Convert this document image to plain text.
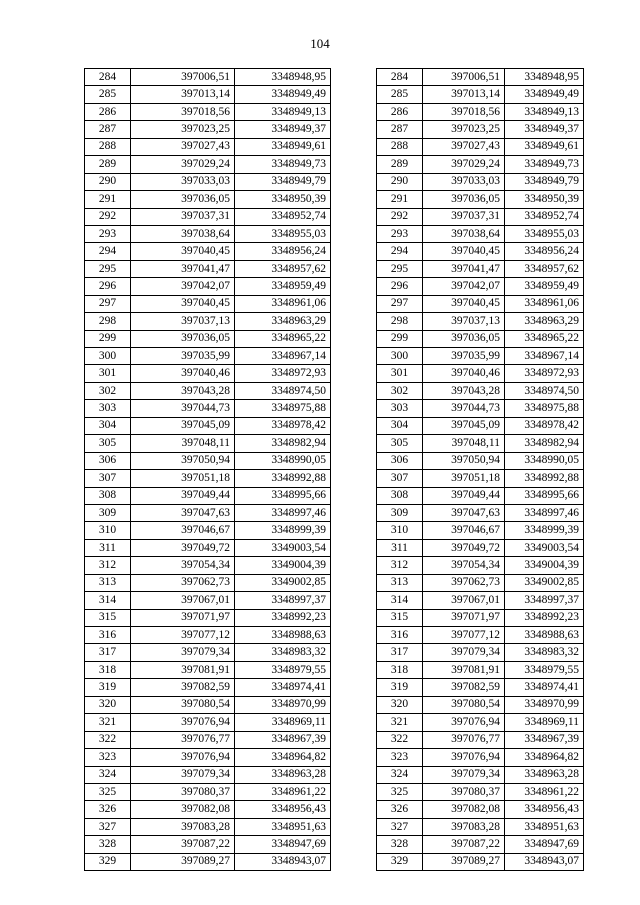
104
284	397006,51	3348948,95
285	397013,14	3348949,49
286	397018,56	3348949,13
287	397023,25	3348949,37
288	397027,43	3348949,61
289	397029,24	3348949,73
290	397033,03	3348949,79
291	397036,05	3348950,39
292	397037,31	3348952,74
293	397038,64	3348955,03
294	397040,45	3348956,24
295	397041,47	3348957,62
296	397042,07	3348959,49
297	397040,45	3348961,06
298	397037,13	3348963,29
299	397036,05	3348965,22
300	397035,99	3348967,14
301	397040,46	3348972,93
302	397043,28	3348974,50
303	397044,73	3348975,88
304	397045,09	3348978,42
305	397048,11	3348982,94
306	397050,94	3348990,05
307	397051,18	3348992,88
308	397049,44	3348995,66
309	397047,63	3348997,46
310	397046,67	3348999,39
311	397049,72	3349003,54
312	397054,34	3349004,39
313	397062,73	3349002,85
314	397067,01	3348997,37
315	397071,97	3348992,23
316	397077,12	3348988,63
317	397079,34	3348983,32
318	397081,91	3348979,55
319	397082,59	3348974,41
320	397080,54	3348970,99
321	397076,94	3348969,11
322	397076,77	3348967,39
323	397076,94	3348964,82
324	397079,34	3348963,28
325	397080,37	3348961,22
326	397082,08	3348956,43
327	397083,28	3348951,63
328	397087,22	3348947,69
329	397089,27	3348943,07
284	397006,51	3348948,95
285	397013,14	3348949,49
286	397018,56	3348949,13
287	397023,25	3348949,37
288	397027,43	3348949,61
289	397029,24	3348949,73
290	397033,03	3348949,79
291	397036,05	3348950,39
292	397037,31	3348952,74
293	397038,64	3348955,03
294	397040,45	3348956,24
295	397041,47	3348957,62
296	397042,07	3348959,49
297	397040,45	3348961,06
298	397037,13	3348963,29
299	397036,05	3348965,22
300	397035,99	3348967,14
301	397040,46	3348972,93
302	397043,28	3348974,50
303	397044,73	3348975,88
304	397045,09	3348978,42
305	397048,11	3348982,94
306	397050,94	3348990,05
307	397051,18	3348992,88
308	397049,44	3348995,66
309	397047,63	3348997,46
310	397046,67	3348999,39
311	397049,72	3349003,54
312	397054,34	3349004,39
313	397062,73	3349002,85
314	397067,01	3348997,37
315	397071,97	3348992,23
316	397077,12	3348988,63
317	397079,34	3348983,32
318	397081,91	3348979,55
319	397082,59	3348974,41
320	397080,54	3348970,99
321	397076,94	3348969,11
322	397076,77	3348967,39
323	397076,94	3348964,82
324	397079,34	3348963,28
325	397080,37	3348961,22
326	397082,08	3348956,43
327	397083,28	3348951,63
328	397087,22	3348947,69
329	397089,27	3348943,07
